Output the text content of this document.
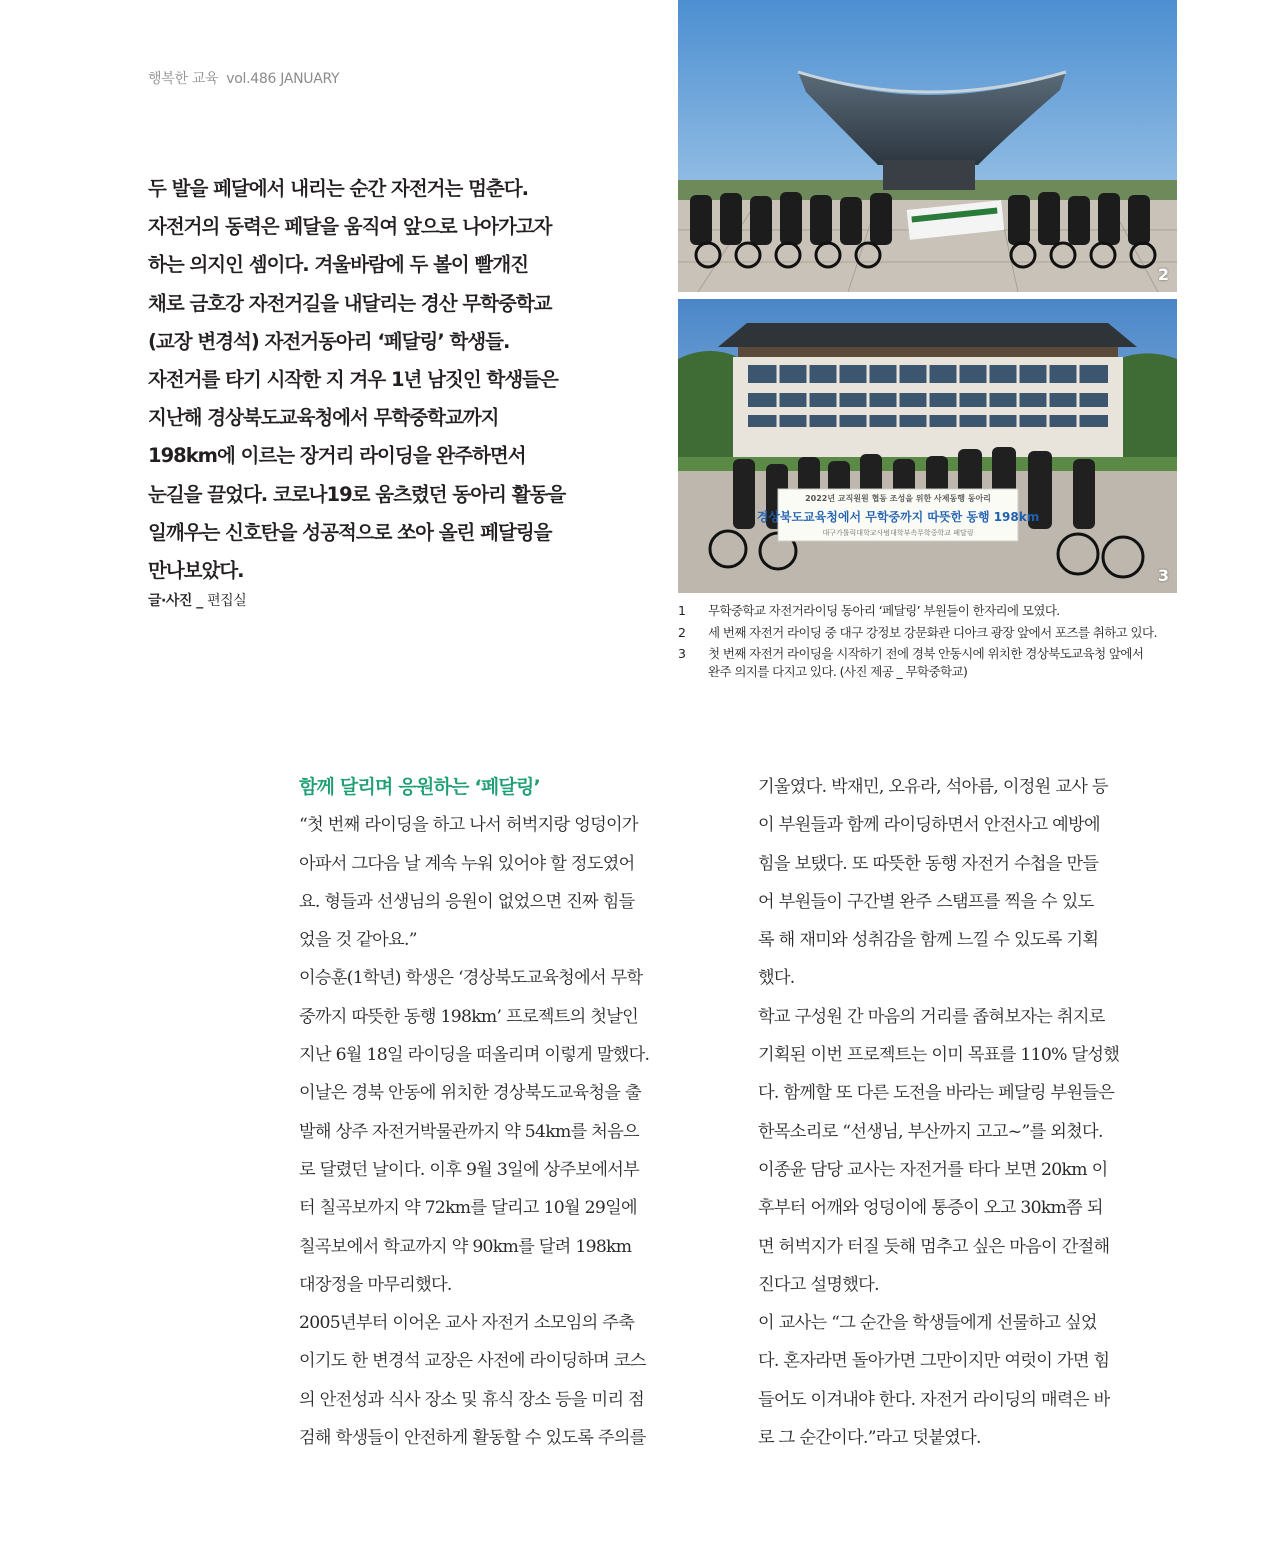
행복한 교육 vol.486 JANUARY

두 발을 페달에서 내리는 순간 자전거는 멈춘다.

자전거의 동력은 페달을 움직여 앞으로 나아가고자

하는 의지인 셈이다. 겨울바람에 두 볼이 빨개진

채로 금호강 자전거길을 내달리는 경산 무학중학교

(교장 변경석) 자전거동아리 ‘페달링’ 학생들.

자전거를 타기 시작한 지 겨우 1년 남짓인 학생들은

지난해 경상북도교육청에서 무학중학교까지

198km에 이르는 장거리 라이딩을 완주하면서

눈길을 끌었다. 코로나19로 움츠렸던 동아리 활동을

일깨우는 신호탄을 성공적으로 쏘아 올린 페달링을

만나보았다.

글·사진 _ 편집실
2
2022년 교직원원 협동 조성을 위한 사제동행 동아리
경상북도교육청에서 무학중까지 따뜻한 동행 198km
대구가톨릭대학교사범대학부속무학중학교 페달링
3
1	무학중학교 자전거라이딩 동아리 ‘페달링’ 부원들이 한자리에 모였다.
2	세 번째 자전거 라이딩 중 대구 강정보 강문화관 디아크 광장 앞에서 포즈를 취하고 있다.
3	첫 번째 자전거 라이딩을 시작하기 전에 경북 안동시에 위치한 경상북도교육청 앞에서
완주 의지를 다지고 있다. (사진 제공 _ 무학중학교)

함께 달리며 응원하는 ‘페달링’

“첫 번째 라이딩을 하고 나서 허벅지랑 엉덩이가

아파서 그다음 날 계속 누워 있어야 할 정도였어

요. 형들과 선생님의 응원이 없었으면 진짜 힘들

었을 것 같아요.”

이승훈(1학년) 학생은 ‘경상북도교육청에서 무학

중까지 따뜻한 동행 198km’ 프로젝트의 첫날인

지난 6월 18일 라이딩을 떠올리며 이렇게 말했다.

이날은 경북 안동에 위치한 경상북도교육청을 출

발해 상주 자전거박물관까지 약 54km를 처음으

로 달렸던 날이다. 이후 9월 3일에 상주보에서부

터 칠곡보까지 약 72km를 달리고 10월 29일에

칠곡보에서 학교까지 약 90km를 달려 198km

대장정을 마무리했다.

2005년부터 이어온 교사 자전거 소모임의 주축

이기도 한 변경석 교장은 사전에 라이딩하며 코스

의 안전성과 식사 장소 및 휴식 장소 등을 미리 점

검해 학생들이 안전하게 활동할 수 있도록 주의를

기울였다. 박재민, 오유라, 석아름, 이정원 교사 등

이 부원들과 함께 라이딩하면서 안전사고 예방에

힘을 보탰다. 또 따뜻한 동행 자전거 수첩을 만들

어 부원들이 구간별 완주 스탬프를 찍을 수 있도

록 해 재미와 성취감을 함께 느낄 수 있도록 기획

했다.

학교 구성원 간 마음의 거리를 좁혀보자는 취지로

기획된 이번 프로젝트는 이미 목표를 110% 달성했

다. 함께할 또 다른 도전을 바라는 페달링 부원들은

한목소리로 “선생님, 부산까지 고고~”를 외쳤다.

이종윤 담당 교사는 자전거를 타다 보면 20km 이

후부터 어깨와 엉덩이에 통증이 오고 30km쯤 되

면 허벅지가 터질 듯해 멈추고 싶은 마음이 간절해

진다고 설명했다.

이 교사는 “그 순간을 학생들에게 선물하고 싶었

다. 혼자라면 돌아가면 그만이지만 여럿이 가면 힘

들어도 이겨내야 한다. 자전거 라이딩의 매력은 바

로 그 순간이다.”라고 덧붙였다.
